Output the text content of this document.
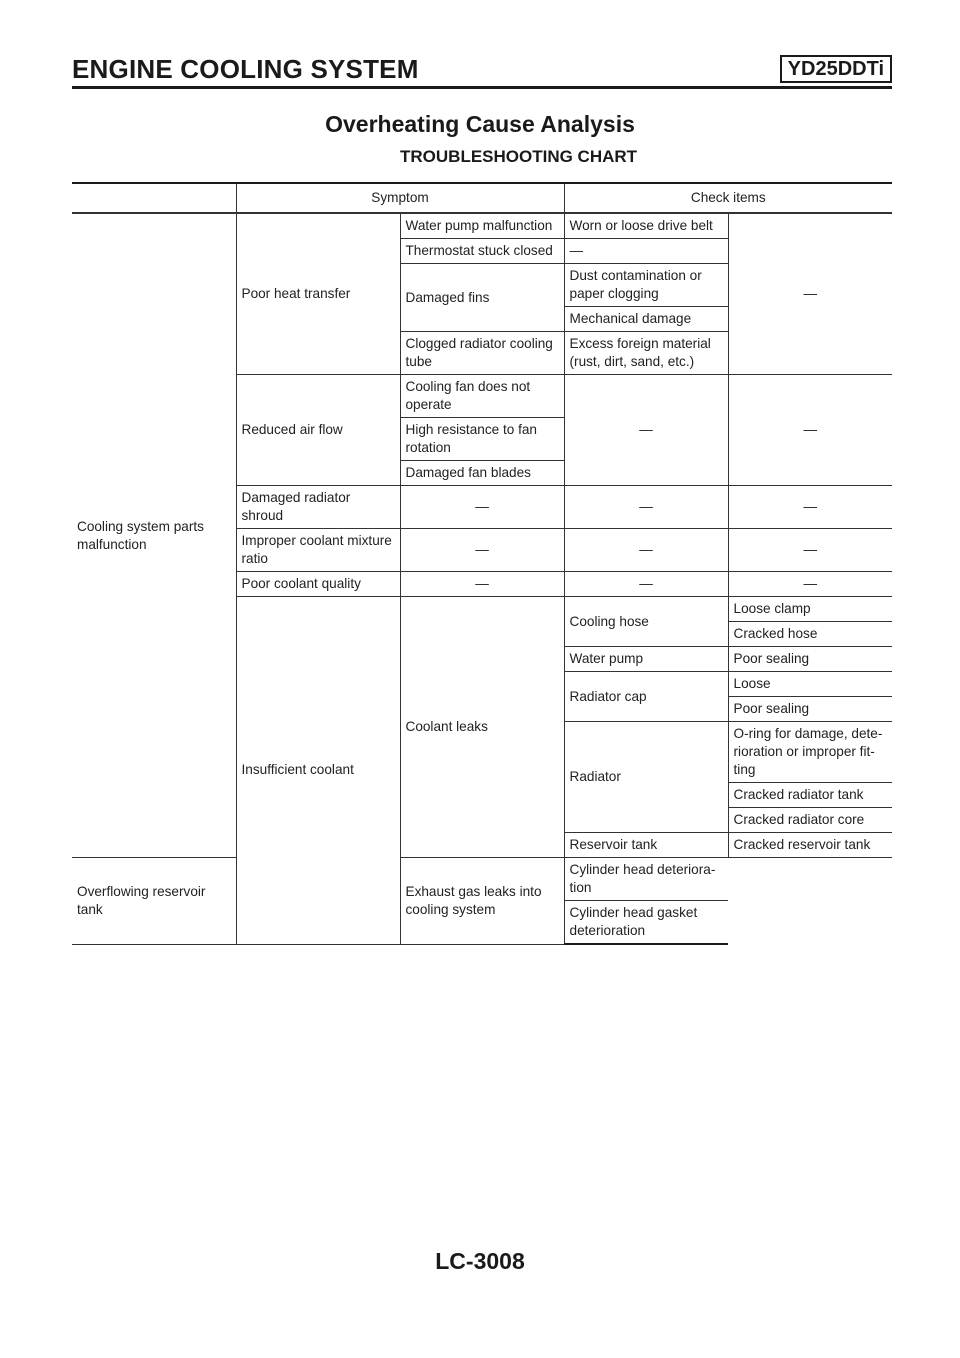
ENGINE COOLING SYSTEM	YD25DDTi
Overheating Cause Analysis
TROUBLESHOOTING CHART
	Symptom		Check items	
Cooling system parts malfunction	Poor heat transfer	Water pump malfunction	Worn or loose drive belt	—
		Thermostat stuck closed	—	
		Damaged fins	Dust contamination or paper clogging	
			Mechanical damage	
		Clogged radiator cooling tube	Excess foreign material (rust, dirt, sand, etc.)	

	Reduced air flow	Cooling fan does not operate	—	—
		High resistance to fan rotation		
		Damaged fan blades		
	Damaged radiator shroud	—	—	—
	Improper coolant mixture ratio	—	—	—
	Poor coolant quality	—	—	—
	Insufficient coolant	Coolant leaks	Cooling hose	Loose clamp
				Cracked hose
			Water pump	Poor sealing
			Radiator cap	Loose
				Poor sealing
			Radiator	O-ring for damage, dete-rioration or improper fit-ting
				Cracked radiator tank
				Cracked radiator core
			Reservoir tank	Cracked reservoir tank
Overflowing reservoir tank		Exhaust gas leaks into cooling system	Cylinder head deteriora-tion	
			Cylinder head gasket deterioration	
LC-3008
